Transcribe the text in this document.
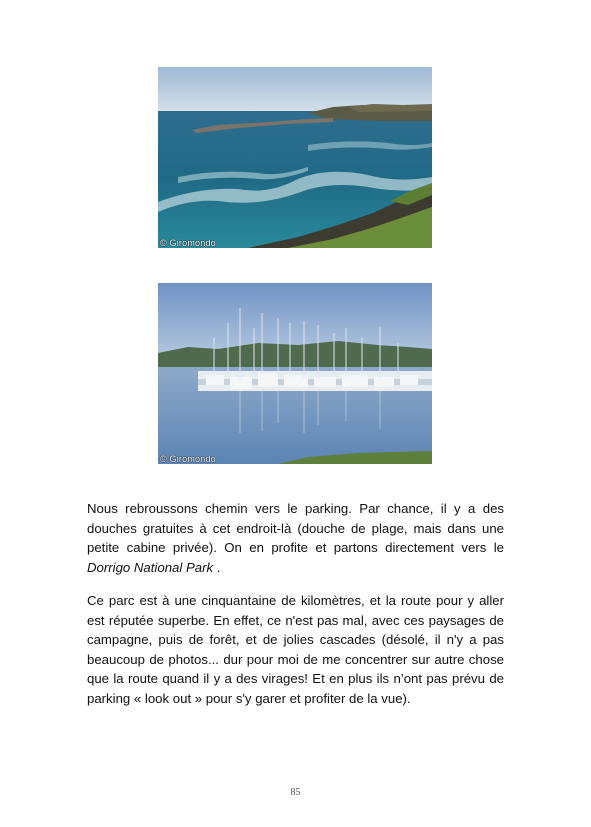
© Giromondo
© Giromondo

Nous rebroussons chemin vers le parking. Par chance, il y a des douches gratuites à cet endroit-là (douche de plage, mais dans une petite cabine privée). On en profite et partons directement vers le Dorrigo National Park .

Ce parc est à une cinquantaine de kilomètres, et la route pour y aller est réputée superbe. En effet, ce n'est pas mal, avec ces paysages de campagne, puis de forêt, et de jolies cascades (désolé, il n'y a pas beaucoup de photos... dur pour moi de me concentrer sur autre chose que la route quand il y a des virages! Et en plus ils n’ont pas prévu de parking « look out » pour s'y garer et profiter de la vue).

85
